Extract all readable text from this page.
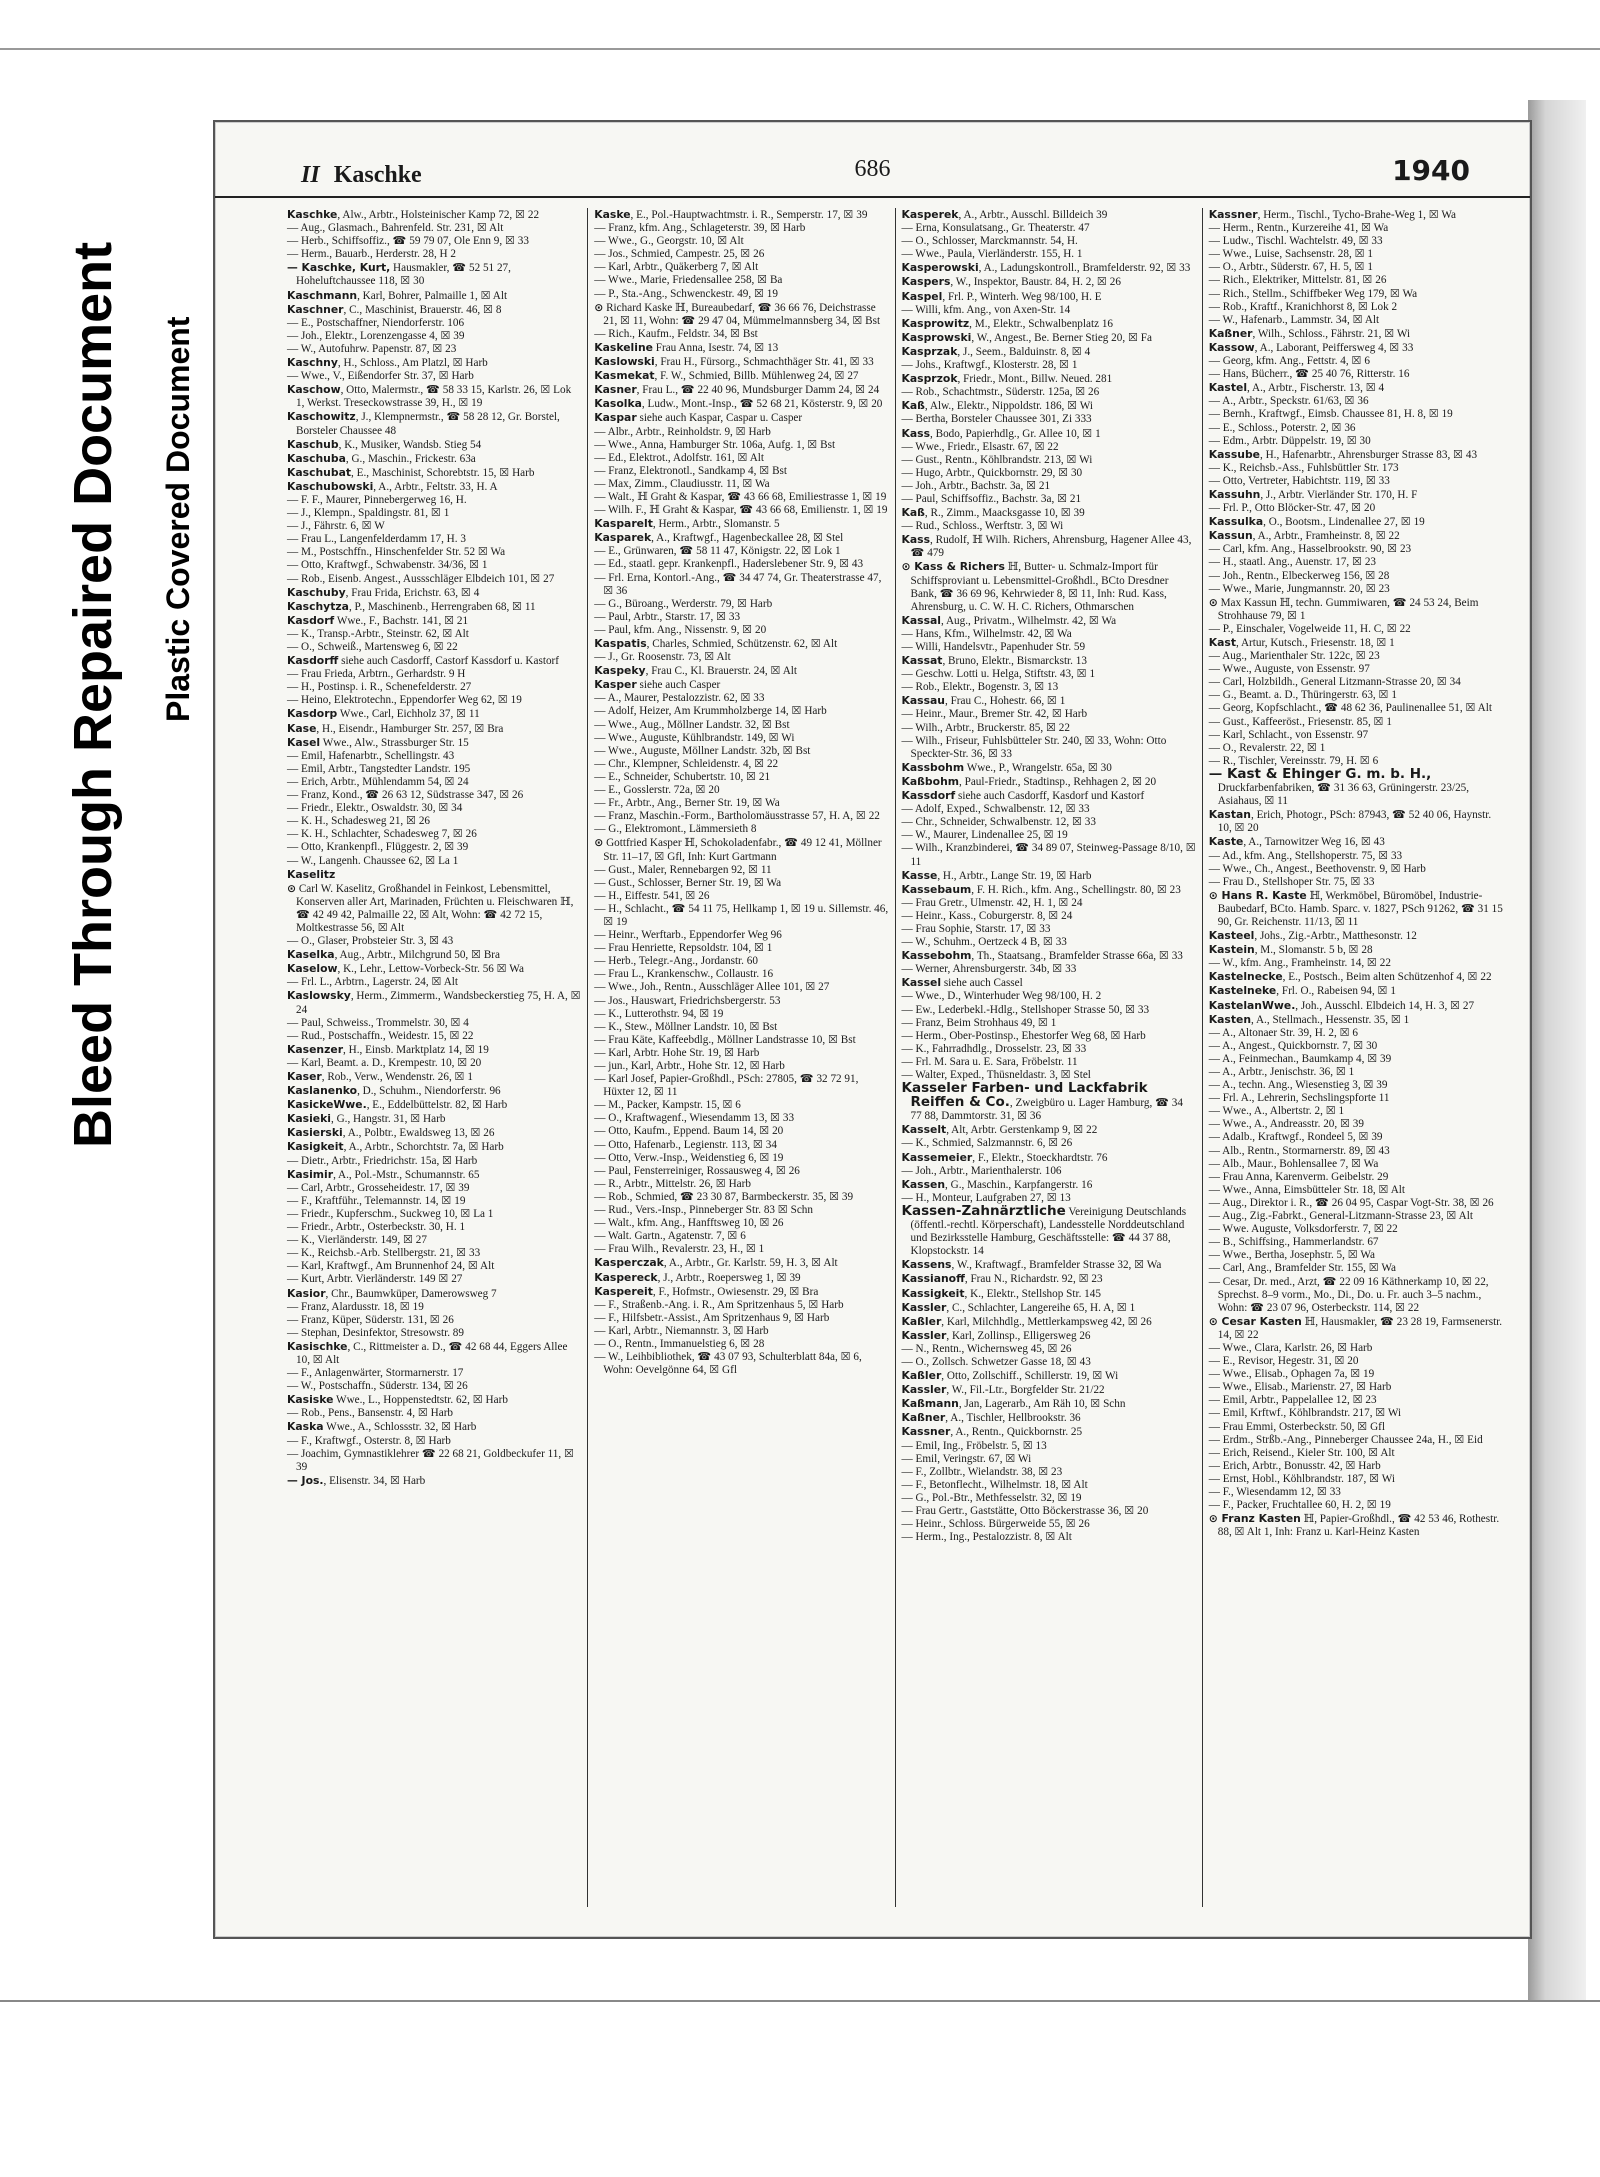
Bleed Through Repaired Document Plastic Covered Document
II Kaschke	686	1940

Kaschke, Alw., Arbtr., Holsteinischer Kamp 72, ☒ 22

— Aug., Glasmach., Bahrenfeld. Str. 231, ☒ Alt

— Herb., Schiffsoffiz., ☎ 59 79 07, Ole Enn 9, ☒ 33

— Herm., Bauarb., Herderstr. 28, H 2

— Kaschke, Kurt, Hausmakler, ☎ 52 51 27, Hoheluftchaussee 118, ☒ 30

Kaschmann, Karl, Bohrer, Palmaille 1, ☒ Alt

Kaschner, C., Maschinist, Brauerstr. 46, ☒ 8

— E., Postschaffner, Niendorferstr. 106

— Joh., Elektr., Lorenzengasse 4, ☒ 39

— W., Autofuhrw. Papenstr. 87, ☒ 23

Kaschny, H., Schloss., Am Platzl, ☒ Harb

— Wwe., V., Eißendorfer Str. 37, ☒ Harb

Kaschow, Otto, Malermstr., ☎ 58 33 15, Karlstr. 26, ☒ Lok 1, Werkst. Treseckowstrasse 39, H., ☒ 19

Kaschowitz, J., Klempnermstr., ☎ 58 28 12, Gr. Borstel, Borsteler Chaussee 48

Kaschub, K., Musiker, Wandsb. Stieg 54

Kaschuba, G., Maschin., Frickestr. 63a

Kaschubat, E., Maschinist, Schorebtstr. 15, ☒ Harb

Kaschubowski, A., Arbtr., Feltstr. 33, H. A

— F. F., Maurer, Pinnebergerweg 16, H.

— J., Klempn., Spaldingstr. 81, ☒ 1

— J., Fährstr. 6, ☒ W

— Frau L., Langenfelderdamm 17, H. 3

— M., Postschffn., Hinschenfelder Str. 52 ☒ Wa

— Otto, Kraftwgf., Schwabenstr. 34/36, ☒ 1

— Rob., Eisenb. Angest., Aussschläger Elbdeich 101, ☒ 27

Kaschuby, Frau Frida, Erichstr. 63, ☒ 4

Kaschytza, P., Maschinenb., Herrengraben 68, ☒ 11

Kasdorf Wwe., F., Bachstr. 141, ☒ 21

— K., Transp.-Arbtr., Steinstr. 62, ☒ Alt

— O., Schweiß., Martensweg 6, ☒ 22

Kasdorff siehe auch Casdorff, Castorf Kassdorf u. Kastorf

— Frau Frieda, Arbtrn., Gerhardstr. 9 H

— H., Postinsp. i. R., Schenefelderstr. 27

— Heino, Elektrotechn., Eppendorfer Weg 62, ☒ 19

Kasdorp Wwe., Carl, Eichholz 37, ☒ 11

Kase, H., Eisendr., Hamburger Str. 257, ☒ Bra

Kasel Wwe., Alw., Strassburger Str. 15

— Emil, Hafenarbtr., Schellingstr. 43

— Emil, Arbtr., Tangstedter Landstr. 195

— Erich, Arbtr., Mühlendamm 54, ☒ 24

— Franz, Kond., ☎ 26 63 12, Südstrasse 347, ☒ 26

— Friedr., Elektr., Oswaldstr. 30, ☒ 34

— K. H., Schadesweg 21, ☒ 26

— K. H., Schlachter, Schadesweg 7, ☒ 26

— Otto, Krankenpfl., Flüggestr. 2, ☒ 39

— W., Langenh. Chaussee 62, ☒ La 1

Kaselitz

⊙ Carl W. Kaselitz, Großhandel in Feinkost, Lebensmittel, Konserven aller Art, Marinaden, Früchten u. Fleischwaren ℍ, ☎ 42 49 42, Palmaille 22, ☒ Alt, Wohn: ☎ 42 72 15, Moltkestrasse 56, ☒ Alt

— O., Glaser, Probsteier Str. 3, ☒ 43

Kaselka, Aug., Arbtr., Milchgrund 50, ☒ Bra

Kaselow, K., Lehr., Lettow-Vorbeck-Str. 56 ☒ Wa

— Frl. L., Arbtrn., Lagerstr. 24, ☒ Alt

Kaslowsky, Herm., Zimmerm., Wandsbeckerstieg 75, H. A, ☒ 24

— Paul, Schweiss., Trommelstr. 30, ☒ 4

— Rud., Postschaffn., Weidestr. 15, ☒ 22

Kasenzer, H., Einsb. Marktplatz 14, ☒ 19

— Karl, Beamt. a. D., Krempestr. 10, ☒ 20

Kaser, Rob., Verw., Wendenstr. 26, ☒ 1

Kaslanenko, D., Schuhm., Niendorferstr. 96

KasickeWwe., E., Eddelbüttelstr. 82, ☒ Harb

Kasieki, G., Hangstr. 31, ☒ Harb

Kasierski, A., Polbtr., Ewaldsweg 13, ☒ 26

Kasigkeit, A., Arbtr., Schorchtstr. 7a, ☒ Harb

— Dietr., Arbtr., Friedrichstr. 15a, ☒ Harb

Kasimir, A., Pol.-Mstr., Schumannstr. 65

— Carl, Arbtr., Grosseheidestr. 17, ☒ 39

— F., Kraftführ., Telemannstr. 14, ☒ 19

— Friedr., Kupferschm., Suckweg 10, ☒ La 1

— Friedr., Arbtr., Osterbeckstr. 30, H. 1

— K., Vierländerstr. 149, ☒ 27

— K., Reichsb.-Arb. Stellbergstr. 21, ☒ 33

— Karl, Kraftwgf., Am Brunnenhof 24, ☒ Alt

— Kurt, Arbtr. Vierländerstr. 149 ☒ 27

Kasior, Chr., Baumwküper, Damerowsweg 7

— Franz, Alardusstr. 18, ☒ 19

— Franz, Küper, Süderstr. 131, ☒ 26

— Stephan, Desinfektor, Stresowstr. 89

Kasischke, C., Rittmeister a. D., ☎ 42 68 44, Eggers Allee 10, ☒ Alt

— F., Anlagenwärter, Stormarnerstr. 17

— W., Postschaffn., Süderstr. 134, ☒ 26

Kasiske Wwe., L., Hoppenstedtstr. 62, ☒ Harb

— Rob., Pens., Bansenstr. 4, ☒ Harb

Kaska Wwe., A., Schlossstr. 32, ☒ Harb

— F., Kraftwgf., Osterstr. 8, ☒ Harb

— Joachim, Gymnastiklehrer ☎ 22 68 21, Goldbeckufer 11, ☒ 39

— Jos., Elisenstr. 34, ☒ Harb

Kaske, E., Pol.-Hauptwachtmstr. i. R., Semperstr. 17, ☒ 39

— Franz, kfm. Ang., Schlageterstr. 39, ☒ Harb

— Wwe., G., Georgstr. 10, ☒ Alt

— Jos., Schmied, Campestr. 25, ☒ 26

— Karl, Arbtr., Quäkerberg 7, ☒ Alt

— Wwe., Marie, Friedensallee 258, ☒ Ba

— P., Sta.-Ang., Schwenckestr. 49, ☒ 19

⊙ Richard Kaske ℍ, Bureaubedarf, ☎ 36 66 76, Deichstrasse 21, ☒ 11, Wohn: ☎ 29 47 04, Mümmelmannsberg 34, ☒ Bst

— Rich., Kaufm., Feldstr. 34, ☒ Bst

Kaskeline Frau Anna, Isestr. 74, ☒ 13

Kaslowski, Frau H., Fürsorg., Schmachthäger Str. 41, ☒ 33

Kasmekat, F. W., Schmied, Billb. Mühlenweg 24, ☒ 27

Kasner, Frau L., ☎ 22 40 96, Mundsburger Damm 24, ☒ 24

Kasolka, Ludw., Mont.-Insp., ☎ 52 68 21, Kösterstr. 9, ☒ 20

Kaspar siehe auch Kaspar, Caspar u. Casper

— Albr., Arbtr., Reinholdstr. 9, ☒ Harb

— Wwe., Anna, Hamburger Str. 106a, Aufg. 1, ☒ Bst

— Ed., Elektrot., Adolfstr. 161, ☒ Alt

— Franz, Elektronotl., Sandkamp 4, ☒ Bst

— Max, Zimm., Claudiusstr. 11, ☒ Wa

— Walt., ℍ Graht & Kaspar, ☎ 43 66 68, Emiliestrasse 1, ☒ 19

— Wilh. F., ℍ Graht & Kaspar, ☎ 43 66 68, Emilienstr. 1, ☒ 19

Kasparelt, Herm., Arbtr., Slomanstr. 5

Kasparek, A., Kraftwgf., Hagenbeckallee 28, ☒ Stel

— E., Grünwaren, ☎ 58 11 47, Königstr. 22, ☒ Lok 1

— Ed., staatl. gepr. Krankenpfl., Haderslebener Str. 9, ☒ 43

— Frl. Erna, Kontorl.-Ang., ☎ 34 47 74, Gr. Theaterstrasse 47, ☒ 36

— G., Büroang., Werderstr. 79, ☒ Harb

— Paul, Arbtr., Starstr. 17, ☒ 33

— Paul, kfm. Ang., Nissenstr. 9, ☒ 20

Kaspatis, Charles, Schmied, Schützenstr. 62, ☒ Alt

— J., Gr. Roosenstr. 73, ☒ Alt

Kaspeky, Frau C., Kl. Brauerstr. 24, ☒ Alt

Kasper siehe auch Casper

— A., Maurer, Pestalozzistr. 62, ☒ 33

— Adolf, Heizer, Am Krummholzberge 14, ☒ Harb

— Wwe., Aug., Möllner Landstr. 32, ☒ Bst

— Wwe., Auguste, Kühlbrandstr. 149, ☒ Wi

— Wwe., Auguste, Möllner Landstr. 32b, ☒ Bst

— Chr., Klempner, Schleidenstr. 4, ☒ 22

— E., Schneider, Schubertstr. 10, ☒ 21

— E., Gosslerstr. 72a, ☒ 20

— Fr., Arbtr., Ang., Berner Str. 19, ☒ Wa

— Franz, Maschin.-Form., Bartholomäusstrasse 57, H. A, ☒ 22

— G., Elektromont., Lämmersieth 8

⊙ Gottfried Kasper ℍ, Schokoladenfabr., ☎ 49 12 41, Möllner Str. 11–17, ☒ Gfl, Inh: Kurt Gartmann

— Gust., Maler, Rennebargen 92, ☒ 11

— Gust., Schlosser, Berner Str. 19, ☒ Wa

— H., Eiffestr. 541, ☒ 26

— H., Schlacht., ☎ 54 11 75, Hellkamp 1, ☒ 19 u. Sillemstr. 46, ☒ 19

— Heinr., Werftarb., Eppendorfer Weg 96

— Frau Henriette, Repsoldstr. 104, ☒ 1

— Herb., Telegr.-Ang., Jordanstr. 60

— Frau L., Krankenschw., Collaustr. 16

— Wwe., Joh., Rentn., Ausschläger Allee 101, ☒ 27

— Jos., Hauswart, Friedrichsbergerstr. 53

— K., Lutterothstr. 94, ☒ 19

— K., Stew., Möllner Landstr. 10, ☒ Bst

— Frau Käte, Kaffeebdlg., Möllner Landstrasse 10, ☒ Bst

— Karl, Arbtr. Hohe Str. 19, ☒ Harb

— jun., Karl, Arbtr., Hohe Str. 12, ☒ Harb

— Karl Josef, Papier-Großhdl., PSch: 27805, ☎ 32 72 91, Hüxter 12, ☒ 11

— M., Packer, Kampstr. 15, ☒ 6

— O., Kraftwagenf., Wiesendamm 13, ☒ 33

— Otto, Kaufm., Eppend. Baum 14, ☒ 20

— Otto, Hafenarb., Legienstr. 113, ☒ 34

— Otto, Verw.-Insp., Weidenstieg 6, ☒ 19

— Paul, Fensterreiniger, Rossausweg 4, ☒ 26

— R., Arbtr., Mittelstr. 26, ☒ Harb

— Rob., Schmied, ☎ 23 30 87, Barmbeckerstr. 35, ☒ 39

— Rud., Vers.-Insp., Pinneberger Str. 83 ☒ Schn

— Walt., kfm. Ang., Hanfftsweg 10, ☒ 26

— Walt. Gartn., Agatenstr. 7, ☒ 6

— Frau Wilh., Revalerstr. 23, H., ☒ 1

Kasperczak, A., Arbtr., Gr. Karlstr. 59, H. 3, ☒ Alt

Kaspereck, J., Arbtr., Roepersweg 1, ☒ 39

Kaspereit, F., Hofmstr., Owiesenstr. 29, ☒ Bra

— F., Straßenb.-Ang. i. R., Am Spritzenhaus 5, ☒ Harb

— F., Hilfsbetr.-Assist., Am Spritzenhaus 9, ☒ Harb

— Karl, Arbtr., Niemannstr. 3, ☒ Harb

— O., Rentn., Immanuelstieg 6, ☒ 28

— W., Leihbibliothek, ☎ 43 07 93, Schulterblatt 84a, ☒ 6, Wohn: Oevelgönne 64, ☒ Gfl

Kasperek, A., Arbtr., Ausschl. Billdeich 39

— Erna, Konsulatsang., Gr. Theaterstr. 47

— O., Schlosser, Marckmannstr. 54, H.

— Wwe., Paula, Vierländerstr. 155, H. 1

Kasperowski, A., Ladungskontroll., Bramfelderstr. 92, ☒ 33

Kaspers, W., Inspektor, Baustr. 84, H. 2, ☒ 26

Kaspel, Frl. P., Winterh. Weg 98/100, H. E

— Willi, kfm. Ang., von Axen-Str. 14

Kasprowitz, M., Elektr., Schwalbenplatz 16

Kasprowski, W., Angest., Be. Berner Stieg 20, ☒ Fa

Kasprzak, J., Seem., Balduinstr. 8, ☒ 4

— Johs., Kraftwgf., Klosterstr. 28, ☒ 1

Kasprzok, Friedr., Mont., Billw. Neued. 281

— Rob., Schachtmstr., Süderstr. 125a, ☒ 26

Kaß, Alw., Elektr., Nippoldstr. 186, ☒ Wi

— Bertha, Borsteler Chaussee 301, Zi 333

Kass, Bodo, Papierhdlg., Gr. Allee 10, ☒ 1

— Wwe., Friedr., Elsastr. 67, ☒ 22

— Gust., Rentn., Köhlbrandstr. 213, ☒ Wi

— Hugo, Arbtr., Quickbornstr. 29, ☒ 30

— Joh., Arbtr., Bachstr. 3a, ☒ 21

— Paul, Schiffsoffiz., Bachstr. 3a, ☒ 21

Kaß, R., Zimm., Maacksgasse 10, ☒ 39

— Rud., Schloss., Werftstr. 3, ☒ Wi

Kass, Rudolf, ℍ Wilh. Richers, Ahrensburg, Hagener Allee 43, ☎ 479

⊙ Kass & Richers ℍ, Butter- u. Schmalz-Import für Schiffsproviant u. Lebensmittel-Großhdl., BCto Dresdner Bank, ☎ 36 69 96, Kehrwieder 8, ☒ 11, Inh: Rud. Kass, Ahrensburg, u. C. W. H. C. Richers, Othmarschen

Kassal, Aug., Privatm., Wilhelmstr. 42, ☒ Wa

— Hans, Kfm., Wilhelmstr. 42, ☒ Wa

— Willi, Handelsvtr., Papenhuder Str. 59

Kassat, Bruno, Elektr., Bismarckstr. 13

— Geschw. Lotti u. Helga, Stiftstr. 43, ☒ 1

— Rob., Elektr., Bogenstr. 3, ☒ 13

Kassau, Frau C., Hohestr. 66, ☒ 1

— Heinr., Maur., Bremer Str. 42, ☒ Harb

— Wilh., Arbtr., Bruckerstr. 85, ☒ 22

— Wilh., Friseur, Fuhlsbütteler Str. 240, ☒ 33, Wohn: Otto Speckter-Str. 36, ☒ 33

Kassbohm Wwe., P., Wrangelstr. 65a, ☒ 30

Kaßbohm, Paul-Friedr., Stadtinsp., Rehhagen 2, ☒ 20

Kassdorf siehe auch Casdorff, Kasdorf und Kastorf

— Adolf, Exped., Schwalbenstr. 12, ☒ 33

— Chr., Schneider, Schwalbenstr. 12, ☒ 33

— W., Maurer, Lindenallee 25, ☒ 19

— Wilh., Kranzbinderei, ☎ 34 89 07, Steinweg-Passage 8/10, ☒ 11

Kasse, H., Arbtr., Lange Str. 19, ☒ Harb

Kassebaum, F. H. Rich., kfm. Ang., Schellingstr. 80, ☒ 23

— Frau Gretr., Ulmenstr. 42, H. 1, ☒ 24

— Heinr., Kass., Coburgerstr. 8, ☒ 24

— Frau Sophie, Starstr. 17, ☒ 33

— W., Schuhm., Oertzeck 4 B, ☒ 33

Kassebohm, Th., Staatsang., Bramfelder Strasse 66a, ☒ 33

— Werner, Ahrensburgerstr. 34b, ☒ 33

Kassel siehe auch Cassel

— Wwe., D., Winterhuder Weg 98/100, H. 2

— Ew., Lederbekl.-Hdlg., Stellshoper Strasse 50, ☒ 33

— Franz, Beim Strohhaus 49, ☒ 1

— Herm., Ober-Postinsp., Ehestorfer Weg 68, ☒ Harb

— K., Fahrradhdlg., Drosselstr. 23, ☒ 33

— Frl. M. Sara u. E. Sara, Fröbelstr. 11

— Walter, Exped., Thüsneldastr. 3, ☒ Stel

Kasseler Farben- und Lackfabrik Reiffen & Co., Zweigbüro u. Lager Hamburg, ☎ 34 77 88, Dammtorstr. 31, ☒ 36

Kasselt, Alt, Arbtr. Gerstenkamp 9, ☒ 22

— K., Schmied, Salzmannstr. 6, ☒ 26

Kassemeier, F., Elektr., Stoeckhardtstr. 76

— Joh., Arbtr., Marienthalerstr. 106

Kassen, G., Maschin., Karpfangerstr. 16

— H., Monteur, Laufgraben 27, ☒ 13

Kassen-Zahnärztliche Vereinigung Deutschlands (öffentl.-rechtl. Körperschaft), Landesstelle Norddeutschland und Bezirksstelle Hamburg, Geschäftsstelle: ☎ 44 37 88, Klopstockstr. 14

Kassens, W., Kraftwagf., Bramfelder Strasse 32, ☒ Wa

Kassianoff, Frau N., Richardstr. 92, ☒ 23

Kassigkeit, K., Elektr., Stellshop Str. 145

Kassler, C., Schlachter, Langereihe 65, H. A, ☒ 1

Kaßler, Karl, Milchhdlg., Mettlerkampsweg 42, ☒ 26

Kassler, Karl, Zollinsp., Elligersweg 26

— N., Rentn., Wichernsweg 45, ☒ 26

— O., Zollsch. Schwetzer Gasse 18, ☒ 43

Kaßler, Otto, Zollschiff., Schillerstr. 19, ☒ Wi

Kassler, W., Fil.-Ltr., Borgfelder Str. 21/22

Kaßmann, Jan, Lagerarb., Am Räh 10, ☒ Schn

Kaßner, A., Tischler, Hellbrookstr. 36

Kassner, A., Rentn., Quickbornstr. 25

— Emil, Ing., Fröbelstr. 5, ☒ 13

— Emil, Veringstr. 67, ☒ Wi

— F., Zollbtr., Wielandstr. 38, ☒ 23

— F., Betonflecht., Wilhelmstr. 18, ☒ Alt

— G., Pol.-Btr., Methfesselstr. 32, ☒ 19

— Frau Gertr., Gaststätte, Otto Böckerstrasse 36, ☒ 20

— Heinr., Schloss. Bürgerweide 55, ☒ 26

— Herm., Ing., Pestalozzistr. 8, ☒ Alt

Kassner, Herm., Tischl., Tycho-Brahe-Weg 1, ☒ Wa

— Herm., Rentn., Kurzereihe 41, ☒ Wa

— Ludw., Tischl. Wachtelstr. 49, ☒ 33

— Wwe., Luise, Sachsenstr. 28, ☒ 1

— O., Arbtr., Süderstr. 67, H. 5, ☒ 1

— Rich., Elektriker, Mittelstr. 81, ☒ 26

— Rich., Stellm., Schiffbeker Weg 179, ☒ Wa

— Rob., Kraftf., Kranichhorst 8, ☒ Lok 2

— W., Hafenarb., Lammstr. 34, ☒ Alt

Kaßner, Wilh., Schloss., Fährstr. 21, ☒ Wi

Kassow, A., Laborant, Peiffersweg 4, ☒ 33

— Georg, kfm. Ang., Fettstr. 4, ☒ 6

— Hans, Bücherr., ☎ 25 40 76, Ritterstr. 16

Kastel, A., Arbtr., Fischerstr. 13, ☒ 4

— A., Arbtr., Speckstr. 61/63, ☒ 36

— Bernh., Kraftwgf., Eimsb. Chaussee 81, H. 8, ☒ 19

— E., Schloss., Poterstr. 2, ☒ 36

— Edm., Arbtr. Düppelstr. 19, ☒ 30

Kassube, H., Hafenarbtr., Ahrensburger Strasse 83, ☒ 43

— K., Reichsb.-Ass., Fuhlsbüttler Str. 173

— Otto, Vertreter, Habichtstr. 119, ☒ 33

Kassuhn, J., Arbtr. Vierländer Str. 170, H. F

— Frl. P., Otto Blöcker-Str. 47, ☒ 20

Kassulka, O., Bootsm., Lindenallee 27, ☒ 19

Kassun, A., Arbtr., Framheinstr. 8, ☒ 22

— Carl, kfm. Ang., Hasselbrookstr. 90, ☒ 23

— H., staatl. Ang., Auenstr. 17, ☒ 23

— Joh., Rentn., Elbeckerweg 156, ☒ 28

— Wwe., Marie, Jungmannstr. 20, ☒ 23

⊙ Max Kassun ℍ, techn. Gummiwaren, ☎ 24 53 24, Beim Strohhause 79, ☒ 1

— P., Einschaler, Vogelweide 11, H. C, ☒ 22

Kast, Artur, Kutsch., Friesenstr. 18, ☒ 1

— Aug., Marienthaler Str. 122c, ☒ 23

— Wwe., Auguste, von Essenstr. 97

— Carl, Holzbildh., General Litzmann-Strasse 20, ☒ 34

— G., Beamt. a. D., Thüringerstr. 63, ☒ 1

— Georg, Kopfschlacht., ☎ 48 62 36, Paulinenallee 51, ☒ Alt

— Gust., Kaffeeröst., Friesenstr. 85, ☒ 1

— Karl, Schlacht., von Essenstr. 97

— O., Revalerstr. 22, ☒ 1

— R., Tischler, Vereinsstr. 79, H. ☒ 6

— Kast & Ehinger G. m. b. H., Druckfarbenfabriken, ☎ 31 36 63, Grüningerstr. 23/25, Asiahaus, ☒ 11

Kastan, Erich, Photogr., PSch: 87943, ☎ 52 40 06, Haynstr. 10, ☒ 20

Kaste, A., Tarnowitzer Weg 16, ☒ 43

— Ad., kfm. Ang., Stellshoperstr. 75, ☒ 33

— Wwe., Ch., Angest., Beethovenstr. 9, ☒ Harb

— Frau D., Stellshoper Str. 75, ☒ 33

⊙ Hans R. Kaste ℍ, Werkmöbel, Büromöbel, Industrie-Baubedarf, BCto. Hamb. Sparc. v. 1827, PSch 91262, ☎ 31 15 90, Gr. Reichenstr. 11/13, ☒ 11

Kasteel, Johs., Zig.-Arbtr., Matthesonstr. 12

Kastein, M., Slomanstr. 5 b, ☒ 28

— W., kfm. Ang., Framheinstr. 14, ☒ 22

Kastelnecke, E., Postsch., Beim alten Schützenhof 4, ☒ 22

Kastelneke, Frl. O., Rabeisen 94, ☒ 1

KastelanWwe., Joh., Ausschl. Elbdeich 14, H. 3, ☒ 27

Kasten, A., Stellmach., Hessenstr. 35, ☒ 1

— A., Altonaer Str. 39, H. 2, ☒ 6

— A., Angest., Quickbornstr. 7, ☒ 30

— A., Feinmechan., Baumkamp 4, ☒ 39

— A., Arbtr., Jenischstr. 36, ☒ 1

— A., techn. Ang., Wiesenstieg 3, ☒ 39

— Frl. A., Lehrerin, Sechslingspforte 11

— Wwe., A., Albertstr. 2, ☒ 1

— Wwe., A., Andreasstr. 20, ☒ 39

— Adalb., Kraftwgf., Rondeel 5, ☒ 39

— Alb., Rentn., Stormarnerstr. 89, ☒ 43

— Alb., Maur., Bohlensallee 7, ☒ Wa

— Frau Anna, Karenverm. Geibelstr. 29

— Wwe., Anna, Eimsbütteler Str. 18, ☒ Alt

— Aug., Direktor i. R., ☎ 26 04 95, Caspar Vogt-Str. 38, ☒ 26

— Aug., Zig.-Fabrkt., General-Litzmann-Strasse 23, ☒ Alt

— Wwe. Auguste, Volksdorferstr. 7, ☒ 22

— B., Schiffsing., Hammerlandstr. 67

— Wwe., Bertha, Josephstr. 5, ☒ Wa

— Carl, Ang., Bramfelder Str. 155, ☒ Wa

— Cesar, Dr. med., Arzt, ☎ 22 09 16 Käthnerkamp 10, ☒ 22, Sprechst. 8–9 vorm., Mo., Di., Do. u. Fr. auch 3–5 nachm., Wohn: ☎ 23 07 96, Osterbeckstr. 114, ☒ 22

⊙ Cesar Kasten ℍ, Hausmakler, ☎ 23 28 19, Farmsenerstr. 14, ☒ 22

— Wwe., Clara, Karlstr. 26, ☒ Harb

— E., Revisor, Hegestr. 31, ☒ 20

— Wwe., Elisab., Ophagen 7a, ☒ 19

— Wwe., Elisab., Marienstr. 27, ☒ Harb

— Emil, Arbtr., Pappelallee 12, ☒ 23

— Emil, Krftwf., Köhlbrandstr. 217, ☒ Wi

— Frau Emmi, Osterbeckstr. 50, ☒ Gfl

— Erdm., Strßb.-Ang., Pinneberger Chaussee 24a, H., ☒ Eid

— Erich, Reisend., Kieler Str. 100, ☒ Alt

— Erich, Arbtr., Bonusstr. 42, ☒ Harb

— Ernst, Hobl., Köhlbrandstr. 187, ☒ Wi

— F., Wiesendamm 12, ☒ 33

— F., Packer, Fruchtallee 60, H. 2, ☒ 19

⊙ Franz Kasten ℍ, Papier-Großhdl., ☎ 42 53 46, Rothestr. 88, ☒ Alt 1, Inh: Franz u. Karl-Heinz Kasten
